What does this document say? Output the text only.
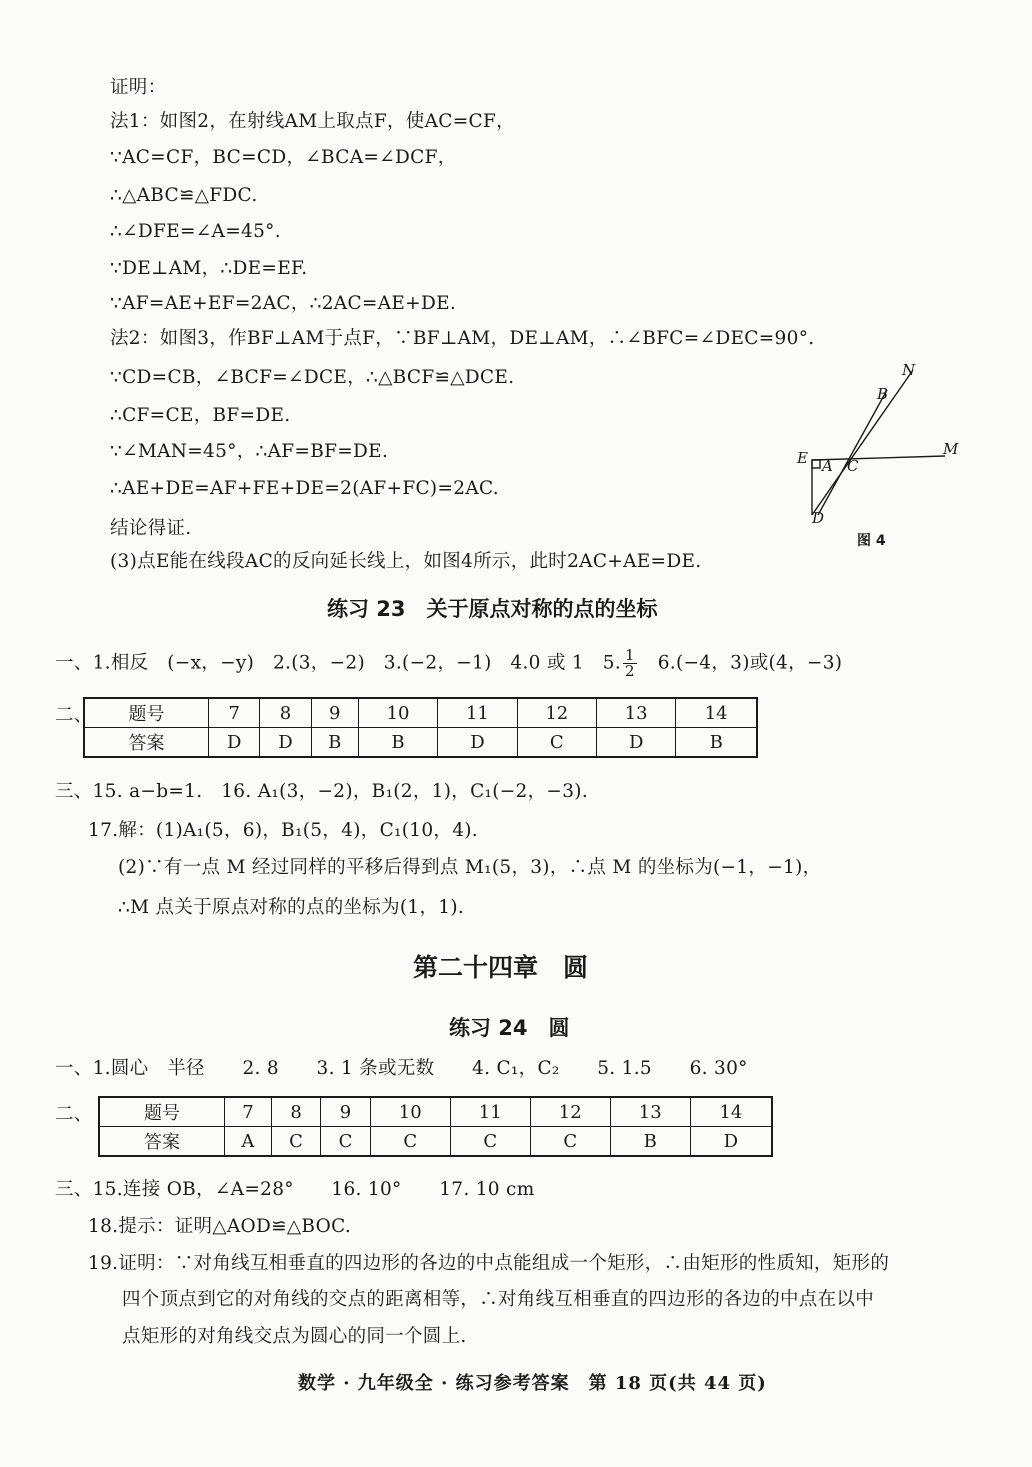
证明：
法1：如图2，在射线AM上取点F，使AC=CF，
∵AC=CF，BC=CD，∠BCA=∠DCF，
∴△ABC≌△FDC.
∴∠DFE=∠A=45°.
∵DE⊥AM，∴DE=EF.
∵AF=AE+EF=2AC，∴2AC=AE+DE.
法2：如图3，作BF⊥AM于点F，∵BF⊥AM，DE⊥AM，∴∠BFC=∠DEC=90°.
∵CD=CB，∠BCF=∠DCE，∴△BCF≌△DCE.
∴CF=CE，BF=DE.
∵∠MAN=45°，∴AF=BF=DE.
∴AE+DE=AF+FE+DE=2(AF+FC)=2AC.
结论得证.
(3)点E能在线段AC的反向延长线上，如图4所示，此时2AC+AE=DE.
N
B
E A C
M
D
图 4
练习 23　关于原点对称的点的坐标
一、1.相反　(−x，−y)　2.(3，−2)　3.(−2，−1)　4.0 或 1　5. $\frac{1}{2}$ 　6.(−4，3)或(4，−3)
二、 题号	7	8	9	10	11	12	13	14
答案	D	D	B	B	D	C	D	B
三、15. a−b=1.　16. A₁(3，−2)，B₁(2，1)，C₁(−2，−3).
17.解：(1)A₁(5，6)，B₁(5，4)，C₁(10，4).
(2)∵有一点 M 经过同样的平移后得到点 M₁(5，3)，∴点 M 的坐标为(−1，−1)，
∴M 点关于原点对称的点的坐标为(1，1).
第二十四章　圆
练习 24　圆
一、1.圆心　半径　　2. 8　　3. 1 条或无数　　4. C₁，C₂　　5. 1.5　　6. 30°
二、	题号	7	8	9	10	11	12	13	14
答案	A	C	C	C	C	C	B	D
三、15.连接 OB，∠A=28°　　16. 10°　　17. 10 cm
18.提示：证明△AOD≌△BOC.
19.证明：∵对角线互相垂直的四边形的各边的中点能组成一个矩形，∴由矩形的性质知，矩形的
四个顶点到它的对角线的交点的距离相等，∴对角线互相垂直的四边形的各边的中点在以中
点矩形的对角线交点为圆心的同一个圆上.
数学 · 九年级全 · 练习参考答案　第 18 页(共 44 页)
